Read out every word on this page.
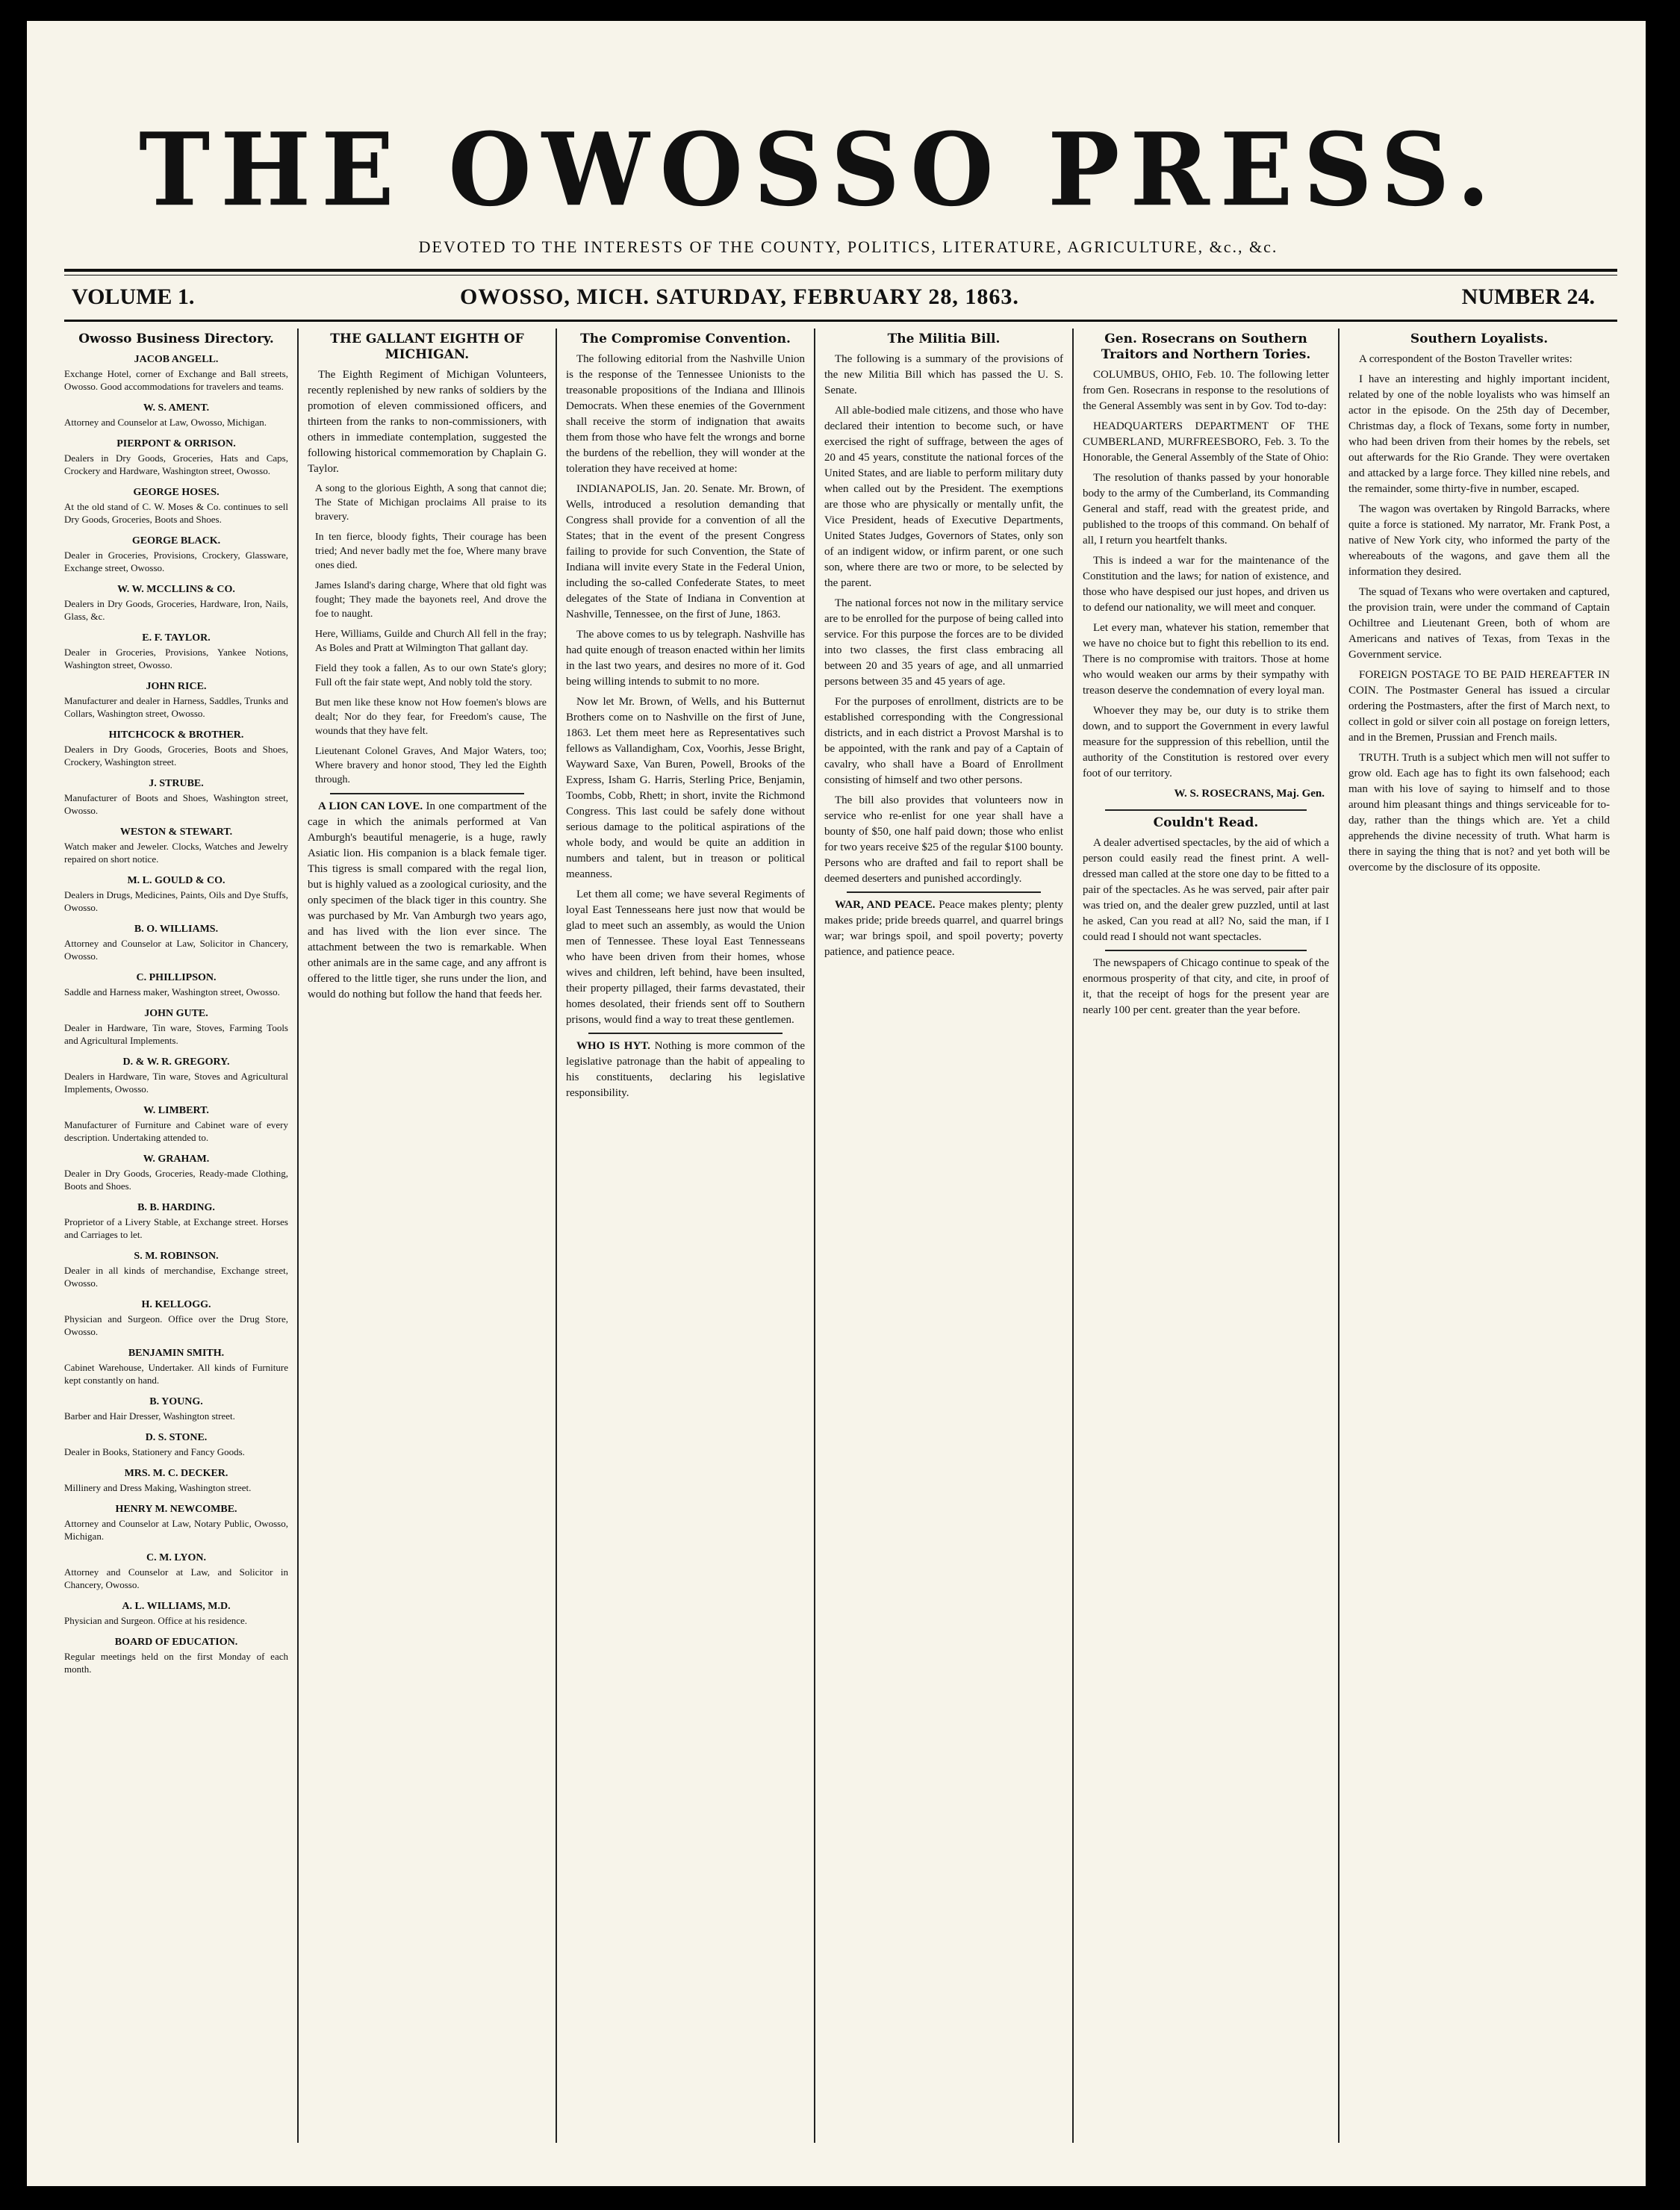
THE OWOSSO PRESS.
DEVOTED TO THE INTERESTS OF THE COUNTY, POLITICS, LITERATURE, AGRICULTURE, &c., &c.
VOLUME 1.	OWOSSO, MICH. SATURDAY, FEBRUARY 28, 1863.	NUMBER 24.
Owosso Business Directory.
JACOB ANGELL.
Exchange Hotel, corner of Exchange and Ball streets, Owosso. Good accommodations for travelers and teams.
W. S. AMENT.
Attorney and Counselor at Law, Owosso, Michigan.
PIERPONT & ORRISON.
Dealers in Dry Goods, Groceries, Hats and Caps, Crockery and Hardware, Washington street, Owosso.
GEORGE HOSES.
At the old stand of C. W. Moses & Co. continues to sell Dry Goods, Groceries, Boots and Shoes.
GEORGE BLACK.
Dealer in Groceries, Provisions, Crockery, Glassware, Exchange street, Owosso.
W. W. MCCLLINS & CO.
Dealers in Dry Goods, Groceries, Hardware, Iron, Nails, Glass, &c.
E. F. TAYLOR.
Dealer in Groceries, Provisions, Yankee Notions, Washington street, Owosso.
JOHN RICE.
Manufacturer and dealer in Harness, Saddles, Trunks and Collars, Washington street, Owosso.
HITCHCOCK & BROTHER.
Dealers in Dry Goods, Groceries, Boots and Shoes, Crockery, Washington street.
J. STRUBE.
Manufacturer of Boots and Shoes, Washington street, Owosso.
WESTON & STEWART.
Watch maker and Jeweler. Clocks, Watches and Jewelry repaired on short notice.
M. L. GOULD & CO.
Dealers in Drugs, Medicines, Paints, Oils and Dye Stuffs, Owosso.
B. O. WILLIAMS.
Attorney and Counselor at Law, Solicitor in Chancery, Owosso.
C. PHILLIPSON.
Saddle and Harness maker, Washington street, Owosso.
JOHN GUTE.
Dealer in Hardware, Tin ware, Stoves, Farming Tools and Agricultural Implements.
D. & W. R. GREGORY.
Dealers in Hardware, Tin ware, Stoves and Agricultural Implements, Owosso.
W. LIMBERT.
Manufacturer of Furniture and Cabinet ware of every description. Undertaking attended to.
W. GRAHAM.
Dealer in Dry Goods, Groceries, Ready-made Clothing, Boots and Shoes.
B. B. HARDING.
Proprietor of a Livery Stable, at Exchange street. Horses and Carriages to let.
S. M. ROBINSON.
Dealer in all kinds of merchandise, Exchange street, Owosso.
H. KELLOGG.
Physician and Surgeon. Office over the Drug Store, Owosso.
BENJAMIN SMITH.
Cabinet Warehouse, Undertaker. All kinds of Furniture kept constantly on hand.
B. YOUNG.
Barber and Hair Dresser, Washington street.
D. S. STONE.
Dealer in Books, Stationery and Fancy Goods.
MRS. M. C. DECKER.
Millinery and Dress Making, Washington street.
HENRY M. NEWCOMBE.
Attorney and Counselor at Law, Notary Public, Owosso, Michigan.
C. M. LYON.
Attorney and Counselor at Law, and Solicitor in Chancery, Owosso.
A. L. WILLIAMS, M.D.
Physician and Surgeon. Office at his residence.
BOARD OF EDUCATION.
Regular meetings held on the first Monday of each month.
THE GALLANT EIGHTH OF MICHIGAN.

The Eighth Regiment of Michigan Volunteers, recently replenished by new ranks of soldiers by the promotion of eleven commissioned officers, and thirteen from the ranks to non-commissioners, with others in immediate contemplation, suggested the following historical commemoration by Chaplain G. Taylor.

A song to the glorious Eighth, A song that cannot die; The State of Michigan proclaims All praise to its bravery.

In ten fierce, bloody fights, Their courage has been tried; And never badly met the foe, Where many brave ones died.

James Island's daring charge, Where that old fight was fought; They made the bayonets reel, And drove the foe to naught.

Here, Williams, Guilde and Church All fell in the fray; As Boles and Pratt at Wilmington That gallant day.

Field they took a fallen, As to our own State's glory; Full oft the fair state wept, And nobly told the story.

But men like these know not How foemen's blows are dealt; Nor do they fear, for Freedom's cause, The wounds that they have felt.

Lieutenant Colonel Graves, And Major Waters, too; Where bravery and honor stood, They led the Eighth through.

A LION CAN LOVE. In one compartment of the cage in which the animals performed at Van Amburgh's beautiful menagerie, is a huge, rawly Asiatic lion. His companion is a black female tiger. This tigress is small compared with the regal lion, but is highly valued as a zoological curiosity, and the only specimen of the black tiger in this country. She was purchased by Mr. Van Amburgh two years ago, and has lived with the lion ever since. The attachment between the two is remarkable. When other animals are in the same cage, and any affront is offered to the little tiger, she runs under the lion, and would do nothing but follow the hand that feeds her.

The Compromise Convention.

The following editorial from the Nashville Union is the response of the Tennessee Unionists to the treasonable propositions of the Indiana and Illinois Democrats. When these enemies of the Government shall receive the storm of indignation that awaits them from those who have felt the wrongs and borne the burdens of the rebellion, they will wonder at the toleration they have received at home:

INDIANAPOLIS, Jan. 20. Senate. Mr. Brown, of Wells, introduced a resolution demanding that Congress shall provide for a convention of all the States; that in the event of the present Congress failing to provide for such Convention, the State of Indiana will invite every State in the Federal Union, including the so-called Confederate States, to meet delegates of the State of Indiana in Convention at Nashville, Tennessee, on the first of June, 1863.

The above comes to us by telegraph. Nashville has had quite enough of treason enacted within her limits in the last two years, and desires no more of it. God being willing intends to submit to no more.

Now let Mr. Brown, of Wells, and his Butternut Brothers come on to Nashville on the first of June, 1863. Let them meet here as Representatives such fellows as Vallandigham, Cox, Voorhis, Jesse Bright, Wayward Saxe, Van Buren, Powell, Brooks of the Express, Isham G. Harris, Sterling Price, Benjamin, Toombs, Cobb, Rhett; in short, invite the Richmond Congress. This last could be safely done without serious damage to the political aspirations of the whole body, and would be quite an addition in numbers and talent, but in treason or political meanness.

Let them all come; we have several Regiments of loyal East Tennesseans here just now that would be glad to meet such an assembly, as would the Union men of Tennessee. These loyal East Tennesseans who have been driven from their homes, whose wives and children, left behind, have been insulted, their property pillaged, their farms devastated, their homes desolated, their friends sent off to Southern prisons, would find a way to treat these gentlemen.

WHO IS HYT. Nothing is more common of the legislative patronage than the habit of appealing to his constituents, declaring his legislative responsibility.

The Militia Bill.

The following is a summary of the provisions of the new Militia Bill which has passed the U. S. Senate.

All able-bodied male citizens, and those who have declared their intention to become such, or have exercised the right of suffrage, between the ages of 20 and 45 years, constitute the national forces of the United States, and are liable to perform military duty when called out by the President. The exemptions are those who are physically or mentally unfit, the Vice President, heads of Executive Departments, United States Judges, Governors of States, only son of an indigent widow, or infirm parent, or one such son, where there are two or more, to be selected by the parent.

The national forces not now in the military service are to be enrolled for the purpose of being called into service. For this purpose the forces are to be divided into two classes, the first class embracing all between 20 and 35 years of age, and all unmarried persons between 35 and 45 years of age.

For the purposes of enrollment, districts are to be established corresponding with the Congressional districts, and in each district a Provost Marshal is to be appointed, with the rank and pay of a Captain of cavalry, who shall have a Board of Enrollment consisting of himself and two other persons.

The bill also provides that volunteers now in service who re-enlist for one year shall have a bounty of $50, one half paid down; those who enlist for two years receive $25 of the regular $100 bounty. Persons who are drafted and fail to report shall be deemed deserters and punished accordingly.

WAR, AND PEACE. Peace makes plenty; plenty makes pride; pride breeds quarrel, and quarrel brings war; war brings spoil, and spoil poverty; poverty patience, and patience peace.

Gen. Rosecrans on Southern Traitors and Northern Tories.

COLUMBUS, OHIO, Feb. 10. The following letter from Gen. Rosecrans in response to the resolutions of the General Assembly was sent in by Gov. Tod to-day:

HEADQUARTERS DEPARTMENT OF THE CUMBERLAND, MURFREESBORO, Feb. 3. To the Honorable, the General Assembly of the State of Ohio:

The resolution of thanks passed by your honorable body to the army of the Cumberland, its Commanding General and staff, read with the greatest pride, and published to the troops of this command. On behalf of all, I return you heartfelt thanks.

This is indeed a war for the maintenance of the Constitution and the laws; for nation of existence, and those who have despised our just hopes, and driven us to defend our nationality, we will meet and conquer.

Let every man, whatever his station, remember that we have no choice but to fight this rebellion to its end. There is no compromise with traitors. Those at home who would weaken our arms by their sympathy with treason deserve the condemnation of every loyal man.

Whoever they may be, our duty is to strike them down, and to support the Government in every lawful measure for the suppression of this rebellion, until the authority of the Constitution is restored over every foot of our territory.

W. S. ROSECRANS, Maj. Gen.
Couldn't Read.

A dealer advertised spectacles, by the aid of which a person could easily read the finest print. A well-dressed man called at the store one day to be fitted to a pair of the spectacles. As he was served, pair after pair was tried on, and the dealer grew puzzled, until at last he asked, Can you read at all? No, said the man, if I could read I should not want spectacles.

The newspapers of Chicago continue to speak of the enormous prosperity of that city, and cite, in proof of it, that the receipt of hogs for the present year are nearly 100 per cent. greater than the year before.

Southern Loyalists.

A correspondent of the Boston Traveller writes:

I have an interesting and highly important incident, related by one of the noble loyalists who was himself an actor in the episode. On the 25th day of December, Christmas day, a flock of Texans, some forty in number, who had been driven from their homes by the rebels, set out afterwards for the Rio Grande. They were overtaken and attacked by a large force. They killed nine rebels, and the remainder, some thirty-five in number, escaped.

The wagon was overtaken by Ringold Barracks, where quite a force is stationed. My narrator, Mr. Frank Post, a native of New York city, who informed the party of the whereabouts of the wagons, and gave them all the information they desired.

The squad of Texans who were overtaken and captured, the provision train, were under the command of Captain Ochiltree and Lieutenant Green, both of whom are Americans and natives of Texas, from Texas in the Government service.

FOREIGN POSTAGE TO BE PAID HEREAFTER IN COIN. The Postmaster General has issued a circular ordering the Postmasters, after the first of March next, to collect in gold or silver coin all postage on foreign letters, and in the Bremen, Prussian and French mails.

TRUTH. Truth is a subject which men will not suffer to grow old. Each age has to fight its own falsehood; each man with his love of saying to himself and to those around him pleasant things and things serviceable for to-day, rather than the things which are. Yet a child apprehends the divine necessity of truth. What harm is there in saying the thing that is not? and yet both will be overcome by the disclosure of its opposite.
